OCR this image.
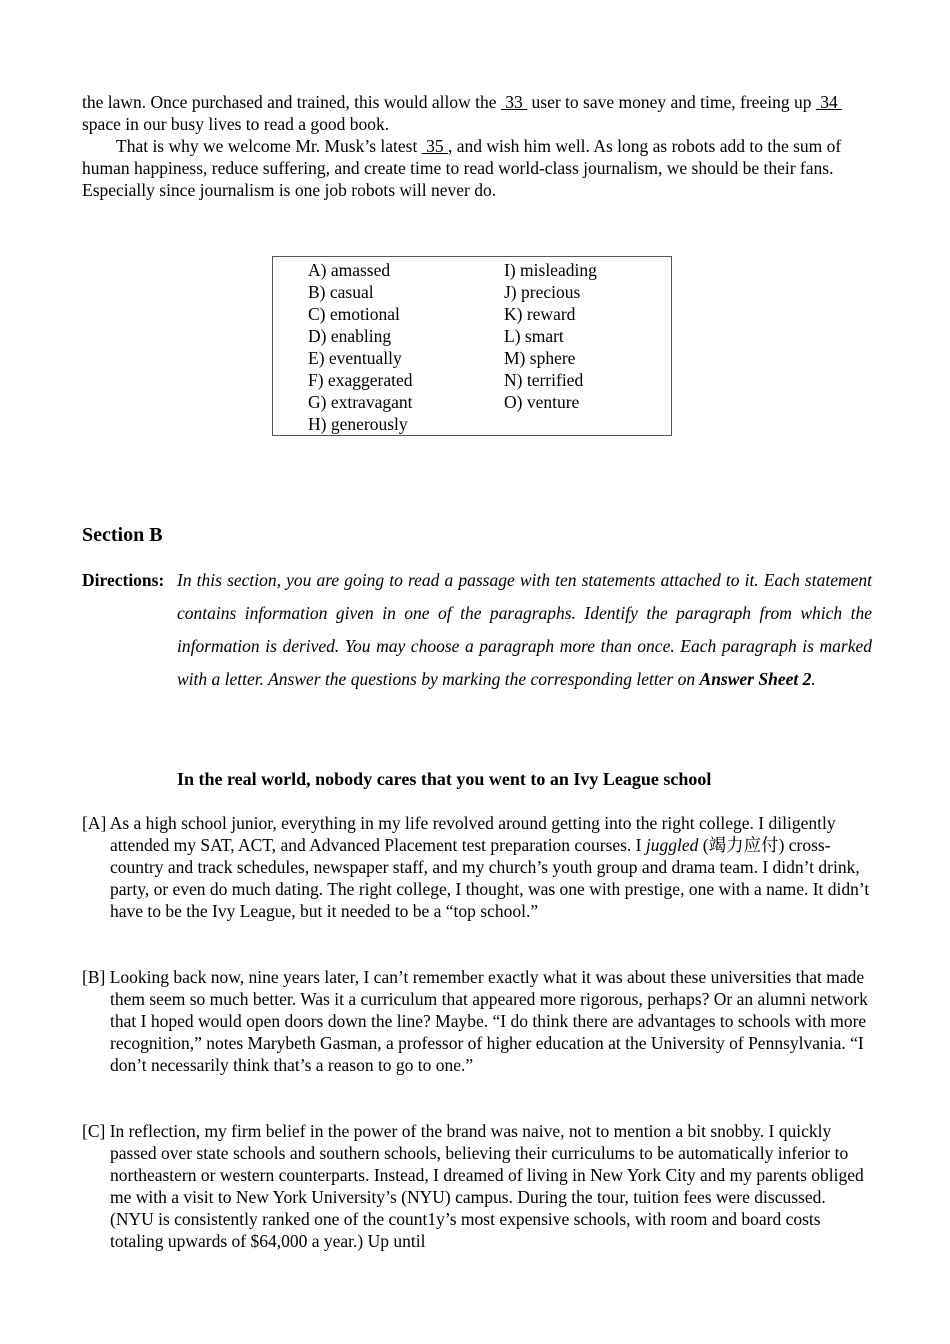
the lawn. Once purchased and trained, this would allow the  33  user to save money and time, freeing up  34  space in our busy lives to read a good book.

That is why we welcome Mr. Musk’s latest  35 , and wish him well. As long as robots add to the sum of human happiness, reduce suffering, and create time to read world-class journalism, we should be their fans. Especially since journalism is one job robots will never do.

A) amassed
B) casual
C) emotional
D) enabling
E) eventually
F) exaggerated
G) extravagant
H) generously
I) misleading
J) precious
K) reward
L) smart
M) sphere
N) terrified
O) venture
Section B
Directions: In this section, you are going to read a passage with ten statements attached to it. Each statement contains information given in one of the paragraphs. Identify the paragraph from which the information is derived. You may choose a paragraph more than once. Each paragraph is marked with a letter. Answer the questions by marking the corresponding letter on Answer Sheet 2.

In the real world, nobody cares that you went to an Ivy League school

[A] As a high school junior, everything in my life revolved around getting into the right college. I diligently attended my SAT, ACT, and Advanced Placement test preparation courses. I juggled (竭力应付) cross-country and track schedules, newspaper staff, and my church’s youth group and drama team. I didn’t drink, party, or even do much dating. The right college, I thought, was one with prestige, one with a name. It didn’t have to be the Ivy League, but it needed to be a “top school.”

[B] Looking back now, nine years later, I can’t remember exactly what it was about these universities that made them seem so much better. Was it a curriculum that appeared more rigorous, perhaps? Or an alumni network that I hoped would open doors down the line? Maybe. “I do think there are advantages to schools with more recognition,” notes Marybeth Gasman, a professor of higher education at the University of Pennsylvania. “I don’t necessarily think that’s a reason to go to one.”

[C] In reflection, my firm belief in the power of the brand was naive, not to mention a bit snobby. I quickly passed over state schools and southern schools, believing their curriculums to be automatically inferior to northeastern or western counterparts. Instead, I dreamed of living in New York City and my parents obliged me with a visit to New York University’s (NYU) campus. During the tour, tuition fees were discussed. (NYU is consistently ranked one of the count1y’s most expensive schools, with room and board costs totaling upwards of $64,000 a year.) Up until
